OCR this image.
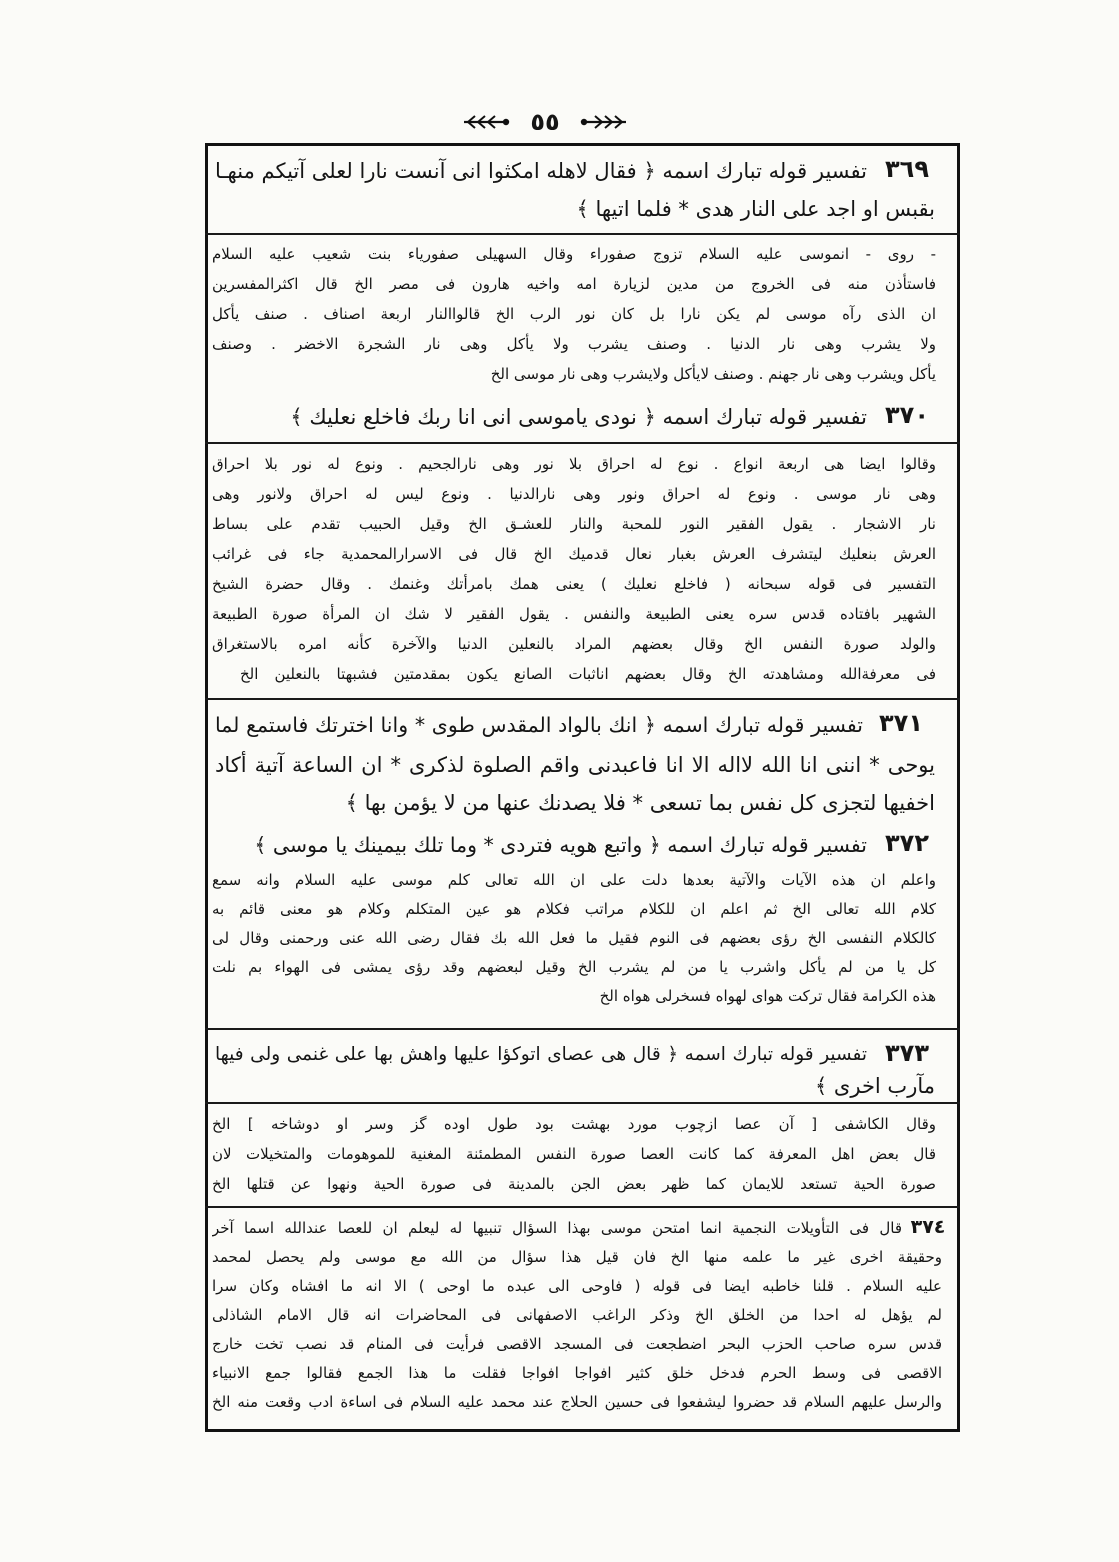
٥٥
٣٦٩
تفسير قوله تبارك اسمه ﴿ فقال لاهله امكثوا انى آنست نارا لعلى آتيكم منهـا
بقبس او اجد على النار هدى * فلما اتيها ﴾
- روى - انموسى عليه السلام تزوج صفوراء وقال السهيلى صفورياء بنت شعيب عليه السلام
فاستأذن منه فى الخروج من مدين لزيارة امه واخيه هارون فى مصر الخ قال اكثرالمفسرين
ان الذى رآه موسى لم يكن نارا بل كان نور الرب الخ قالواالنار اربعة اصناف . صنف يأكل
ولا يشرب وهى نار الدنيا . وصنف يشرب ولا يأكل وهى نار الشجرة الاخضر . وصنف
يأكل ويشرب وهى نار جهنم . وصنف لايأكل ولايشرب وهى نار موسى الخ
٣٧٠
تفسير قوله تبارك اسمه ﴿ نودى ياموسى انى انا ربك فاخلع نعليك ﴾
وقالوا ايضا هى اربعة انواع . نوع له احراق بلا نور وهى نارالجحيم . ونوع له نور بلا احراق
وهى نار موسى . ونوع له احراق ونور وهى نارالدنيا . ونوع ليس له احراق ولانور وهى
نار الاشجار . يقول الفقير النور للمحبة والنار للعشـق الخ وقيل الحبيب تقدم على بساط
العرش بنعليك ليتشرف العرش بغبار نعال قدميك الخ قال فى الاسرارالمحمدية جاء فى غرائب
التفسير فى قوله سبحانه ( فاخلع نعليك ) يعنى همك بامرأتك وغنمك . وقال حضرة الشيخ
الشهير بافتاده قدس سره يعنى الطبيعة والنفس . يقول الفقير لا شك ان المرأة صورة الطبيعة
والولد صورة النفس الخ وقال بعضهم المراد بالنعلين الدنيا والآخرة كأنه امره بالاستغراق
فى معرفةالله ومشاهدته الخ وقال بعضهم اناثبات الصانع يكون بمقدمتين فشبهتا بالنعلين الخ
٣٧١
تفسير قوله تبارك اسمه ﴿ انك بالواد المقدس طوى * وانا اخترتك فاستمع لما
يوحى * اننى انا الله لااله الا انا فاعبدنى واقم الصلوة لذكرى * ان الساعة آتية أكاد
اخفيها لتجزى كل نفس بما تسعى * فلا يصدنك عنها من لا يؤمن بها ﴾
٣٧٢
تفسير قوله تبارك اسمه ﴿ واتبع هويه فتردى * وما تلك بيمينك يا موسى ﴾
واعلم ان هذه الآيات والآتية بعدها دلت على ان الله تعالى كلم موسى عليه السلام وانه سمع
كلام الله تعالى الخ ثم اعلم ان للكلام مراتب فكلام هو عين المتكلم وكلام هو معنى قائم به
كالكلام النفسى الخ رؤى بعضهم فى النوم فقيل ما فعل الله بك فقال رضى الله عنى ورحمنى وقال لى
كل يا من لم يأكل واشرب يا من لم يشرب الخ وقيل لبعضهم وقد رؤى يمشى فى الهواء بم نلت
هذه الكرامة فقال تركت هواى لهواه فسخرلى هواه الخ
٣٧٣
تفسير قوله تبارك اسمه ﴿ قال هى عصاى اتوكؤا عليها واهش بها على غنمى ولى فيها
مآرب اخرى ﴾
وقال الكاشفى [ آن عصا ازچوب مورد بهشت بود طول اوده گز وسر او دوشاخه ] الخ
قال بعض اهل المعرفة كما كانت العصا صورة النفس المطمئنة المغنية للموهومات والمتخيلات لان
صورة الحية تستعد للايمان كما ظهر بعض الجن بالمدينة فى صورة الحية ونهوا عن قتلها الخ
٣٧٤
قال فى التأويلات النجمية انما امتحن موسى بهذا السؤال تنبيها له ليعلم ان للعصا عندالله اسما آخر
وحقيقة اخرى غير ما علمه منها الخ فان قيل هذا سؤال من الله مع موسى ولم يحصل لمحمد
عليه السلام . قلنا خاطبه ايضا فى قوله ( فاوحى الى عبده ما اوحى ) الا انه ما افشاه وكان سرا
لم يؤهل له احدا من الخلق الخ وذكر الراغب الاصفهانى فى المحاضرات انه قال الامام الشاذلى
قدس سره صاحب الحزب البحر اضطجعت فى المسجد الاقصى فرأيت فى المنام قد نصب تخت خارج
الاقصى فى وسط الحرم فدخل خلق كثير افواجا افواجا فقلت ما هذا الجمع فقالوا جمع الانبياء
والرسل عليهم السلام قد حضروا ليشفعوا فى حسين الحلاج عند محمد عليه السلام فى اساءة ادب وقعت منه الخ
